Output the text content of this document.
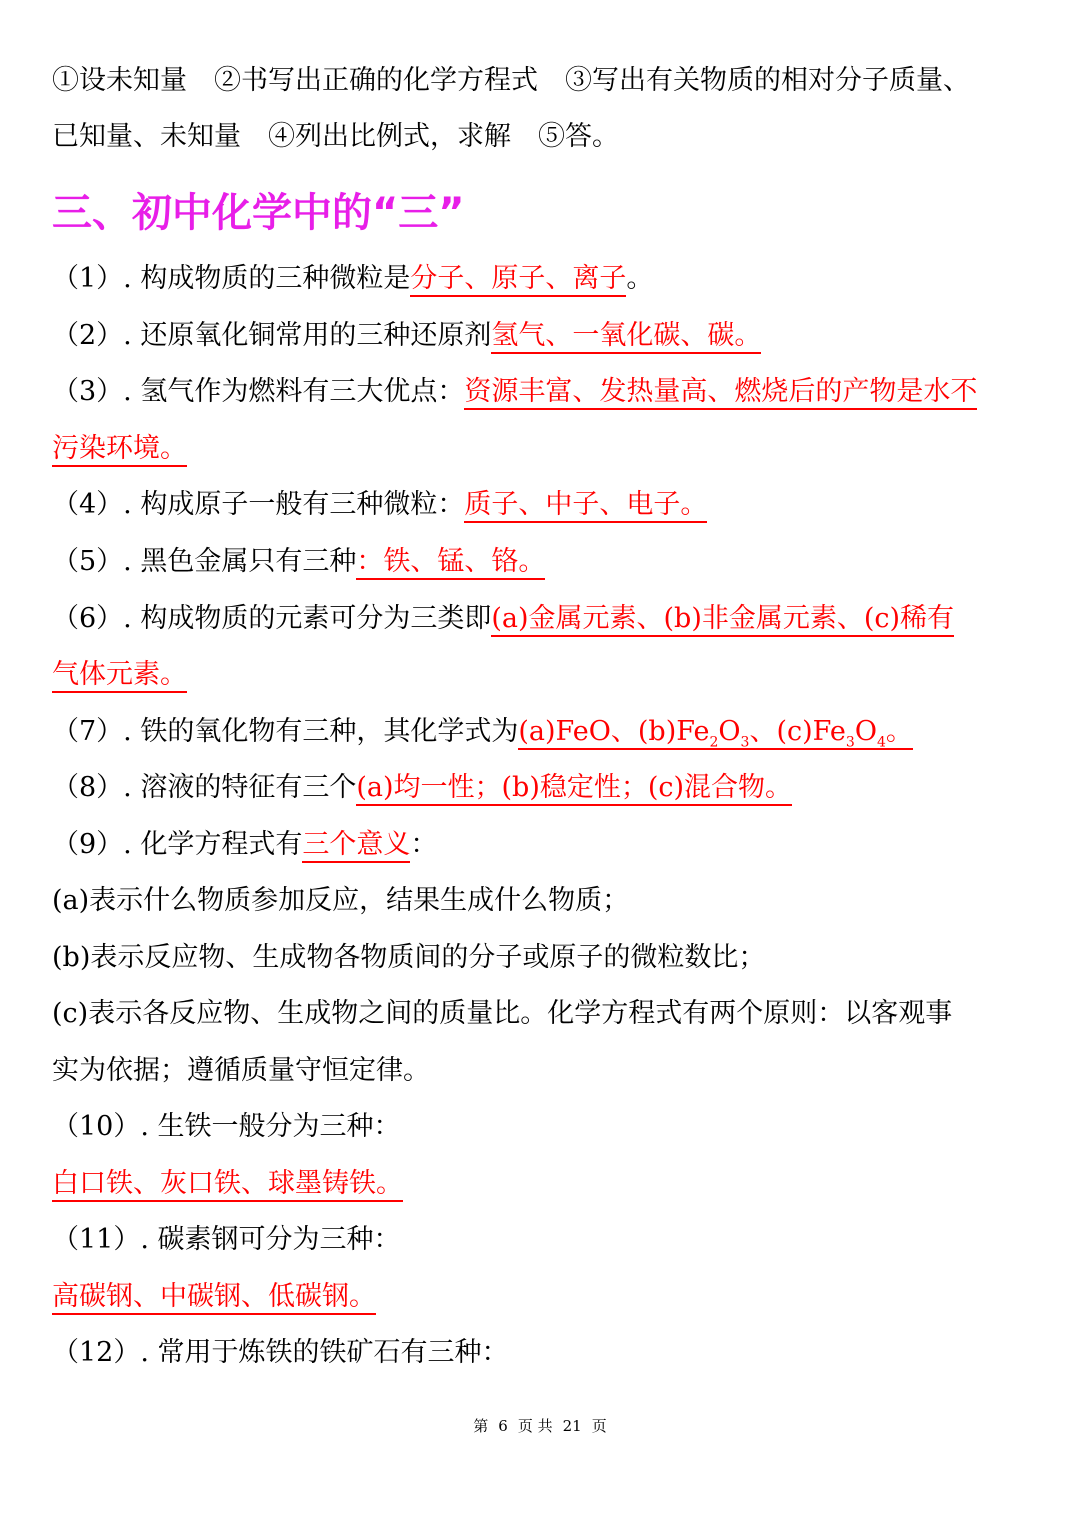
①设未知量　②书写出正确的化学方程式　③写出有关物质的相对分子质量、
已知量、未知量　④列出比例式，求解　⑤答。
三、初中化学中的“三”
（1）. 构成物质的三种微粒是分子、原子、离子。
（2）. 还原氧化铜常用的三种还原剂氢气、一氧化碳、碳。
（3）. 氢气作为燃料有三大优点：资源丰富、发热量高、燃烧后的产物是水不
污染环境。
（4）. 构成原子一般有三种微粒：质子、中子、电子。
（5）. 黑色金属只有三种：铁、锰、铬。
（6）. 构成物质的元素可分为三类即(a)金属元素、(b)非金属元素、(c)稀有
气体元素。
（7）. 铁的氧化物有三种，其化学式为(a)FeO、$(b)Fe_2O_3$、$(c)Fe_3O_4$。
（8）. 溶液的特征有三个(a)均一性；(b)稳定性；(c)混合物。
（9）. 化学方程式有三个意义：
(a)表示什么物质参加反应，结果生成什么物质；
(b)表示反应物、生成物各物质间的分子或原子的微粒数比；
(c)表示各反应物、生成物之间的质量比。化学方程式有两个原则：以客观事
实为依据；遵循质量守恒定律。
（10）. 生铁一般分为三种：
白口铁、灰口铁、球墨铸铁。
（11）. 碳素钢可分为三种：
高碳钢、中碳钢、低碳钢。
（12）. 常用于炼铁的铁矿石有三种：
第 6 页 共 21 页
